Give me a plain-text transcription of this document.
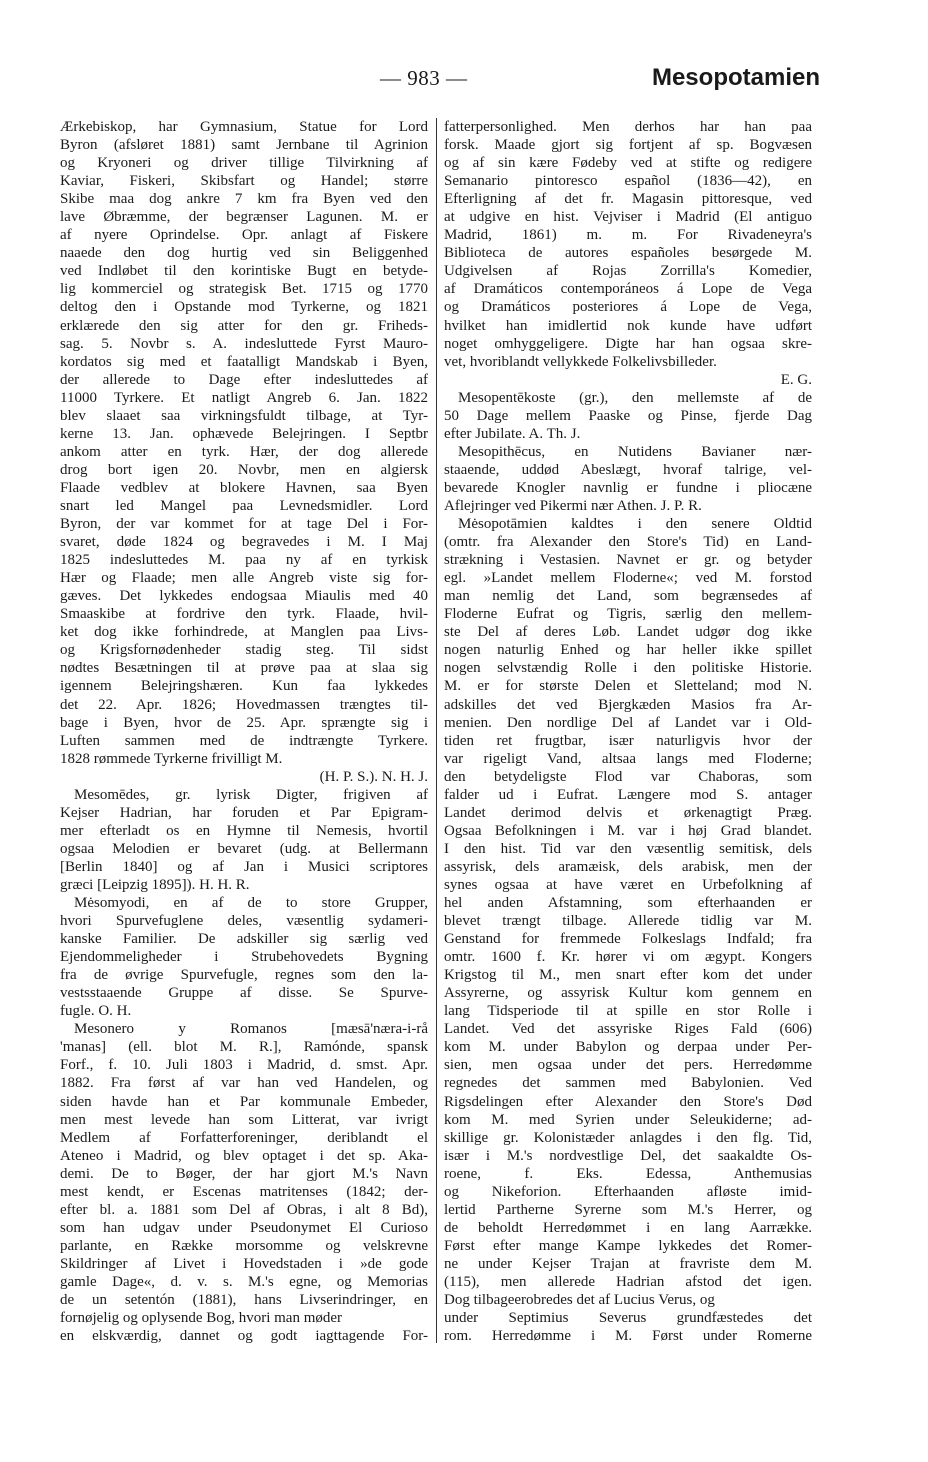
— 983 —	Mesopotamien
Ærkebiskop, har Gymnasium, Statue for Lord
Byron (afsløret 1881) samt Jernbane til Agrinion
og Kryoneri og driver tillige Tilvirkning af
Kaviar, Fiskeri, Skibsfart og Handel; større
Skibe maa dog ankre 7 km fra Byen ved den
lave Øbræmme, der begrænser Lagunen. M. er
af nyere Oprindelse. Opr. anlagt af Fiskere
naaede den dog hurtig ved sin Beliggenhed
ved Indløbet til den korintiske Bugt en betyde-
lig kommerciel og strategisk Bet. 1715 og 1770
deltog den i Opstande mod Tyrkerne, og 1821
erklærede den sig atter for den gr. Friheds-
sag. 5. Novbr s. A. indesluttede Fyrst Mauro-
kordatos sig med et faatalligt Mandskab i Byen,
der allerede to Dage efter indesluttedes af
11000 Tyrkere. Et natligt Angreb 6. Jan. 1822
blev slaaet saa virkningsfuldt tilbage, at Tyr-
kerne 13. Jan. ophævede Belejringen. I Septbr
ankom atter en tyrk. Hær, der dog allerede
drog bort igen 20. Novbr, men en algiersk
Flaade vedblev at blokere Havnen, saa Byen
snart led Mangel paa Levnedsmidler. Lord
Byron, der var kommet for at tage Del i For-
svaret, døde 1824 og begravedes i M. I Maj
1825 indesluttedes M. paa ny af en tyrkisk
Hær og Flaade; men alle Angreb viste sig for-
gæves. Det lykkedes endogsaa Miaulis med 40
Smaaskibe at fordrive den tyrk. Flaade, hvil-
ket dog ikke forhindrede, at Manglen paa Livs-
og Krigsfornødenheder stadig steg. Til sidst
nødtes Besætningen til at prøve paa at slaa sig
igennem Belejringshæren. Kun faa lykkedes
det 22. Apr. 1826; Hovedmassen trængtes til-
bage i Byen, hvor de 25. Apr. sprængte sig i
Luften sammen med de indtrængte Tyrkere.
1828 rømmede Tyrkerne frivilligt M.
(H. P. S.). N. H. J.
Mesomēdes, gr. lyrisk Digter, frigiven af
Kejser Hadrian, har foruden et Par Epigram-
mer efterladt os en Hymne til Nemesis, hvortil
ogsaa Melodien er bevaret (udg. at Bellermann
[Berlin 1840] og af Jan i Musici scriptores
græci [Leipzig 1895]). H. H. R.
Mėsomyodi, en af de to store Grupper,
hvori Spurvefuglene deles, væsentlig sydameri-
kanske Familier. De adskiller sig særlig ved
Ejendommeligheder i Strubehovedets Bygning
fra de øvrige Spurvefugle, regnes som den la-
vestsstaaende Gruppe af disse. Se Spurve-
fugle. O. H.
Mesonero y Romanos [mæsā'næra-i-rå
'manas] (ell. blot M. R.], Ramónde, spansk
Forf., f. 10. Juli 1803 i Madrid, d. smst. Apr.
1882. Fra først af var han ved Handelen, og
siden havde han et Par kommunale Embeder,
men mest levede han som Litterat, var ivrigt
Medlem af Forfatterforeninger, deriblandt el
Ateneo i Madrid, og blev optaget i det sp. Aka-
demi. De to Bøger, der har gjort M.'s Navn
mest kendt, er Escenas matritenses (1842; der-
efter bl. a. 1881 som Del af Obras, i alt 8 Bd),
som han udgav under Pseudonymet El Curioso
parlante, en Række morsomme og velskrevne
Skildringer af Livet i Hovedstaden i »de gode
gamle Dage«, d. v. s. M.'s egne, og Memorias
de un setentón (1881), hans Livserindringer, en
fornøjelig og oplysende Bog, hvori man møder
en elskværdig, dannet og godt iagttagende For-
fatterpersonlighed. Men derhos har han paa
forsk. Maade gjort sig fortjent af sp. Bogvæsen
og af sin kære Fødeby ved at stifte og redigere
Semanario pintoresco español (1836—42), en
Efterligning af det fr. Magasin pittoresque, ved
at udgive en hist. Vejviser i Madrid (El antiguo
Madrid, 1861) m. m. For Rivadeneyra's
Biblioteca de autores españoles besørgede M.
Udgivelsen af Rojas Zorrilla's Komedier,
af Dramáticos contemporáneos á Lope de Vega
og Dramáticos posteriores á Lope de Vega,
hvilket han imidlertid nok kunde have udført
noget omhyggeligere. Digte har han ogsaa skre-
vet, hvoriblandt vellykkede Folkelivsbilleder.
E. G.
Mesopentēkoste (gr.), den mellemste af de
50 Dage mellem Paaske og Pinse, fjerde Dag
efter Jubilate. A. Th. J.
Mesopithēcus, en Nutidens Bavianer nær-
staaende, uddød Abeslægt, hvoraf talrige, vel-
bevarede Knogler navnlig er fundne i pliocæne
Aflejringer ved Pikermi nær Athen. J. P. R.
Mėsopotāmien kaldtes i den senere Oldtid
(omtr. fra Alexander den Store's Tid) en Land-
strækning i Vestasien. Navnet er gr. og betyder
egl. »Landet mellem Floderne«; ved M. forstod
man nemlig det Land, som begrænsedes af
Floderne Eufrat og Tigris, særlig den mellem-
ste Del af deres Løb. Landet udgør dog ikke
nogen naturlig Enhed og har heller ikke spillet
nogen selvstændig Rolle i den politiske Historie.
M. er for største Delen et Sletteland; mod N.
adskilles det ved Bjergkæden Masios fra Ar-
menien. Den nordlige Del af Landet var i Old-
tiden ret frugtbar, især naturligvis hvor der
var rigeligt Vand, altsaa langs med Floderne;
den betydeligste Flod var Chaboras, som
falder ud i Eufrat. Længere mod S. antager
Landet derimod delvis et ørkenagtigt Præg.
Ogsaa Befolkningen i M. var i høj Grad blandet.
I den hist. Tid var den væsentlig semitisk, dels
assyrisk, dels aramæisk, dels arabisk, men der
synes ogsaa at have været en Urbefolkning af
hel anden Afstamning, som efterhaanden er
blevet trængt tilbage. Allerede tidlig var M.
Genstand for fremmede Folkeslags Indfald; fra
omtr. 1600 f. Kr. hører vi om ægypt. Kongers
Krigstog til M., men snart efter kom det under
Assyrerne, og assyrisk Kultur kom gennem en
lang Tidsperiode til at spille en stor Rolle i
Landet. Ved det assyriske Riges Fald (606)
kom M. under Babylon og derpaa under Per-
sien, men ogsaa under det pers. Herredømme
regnedes det sammen med Babylonien. Ved
Rigsdelingen efter Alexander den Store's Død
kom M. med Syrien under Seleukiderne; ad-
skillige gr. Kolonistæder anlagdes i den flg. Tid,
især i M.'s nordvestlige Del, det saakaldte Os-
roene, f. Eks. Edessa, Anthemusias
og Nikeforion. Efterhaanden afløste imid-
lertid Partherne Syrerne som M.'s Herrer, og
de beholdt Herredømmet i en lang Aarrække.
Først efter mange Kampe lykkedes det Romer-
ne under Kejser Trajan at fravriste dem M.
(115), men allerede Hadrian afstod det igen.
Dog tilbageerobredes det af Lucius Verus, og
under Septimius Severus grundfæstedes det
rom. Herredømme i M. Først under Romerne
